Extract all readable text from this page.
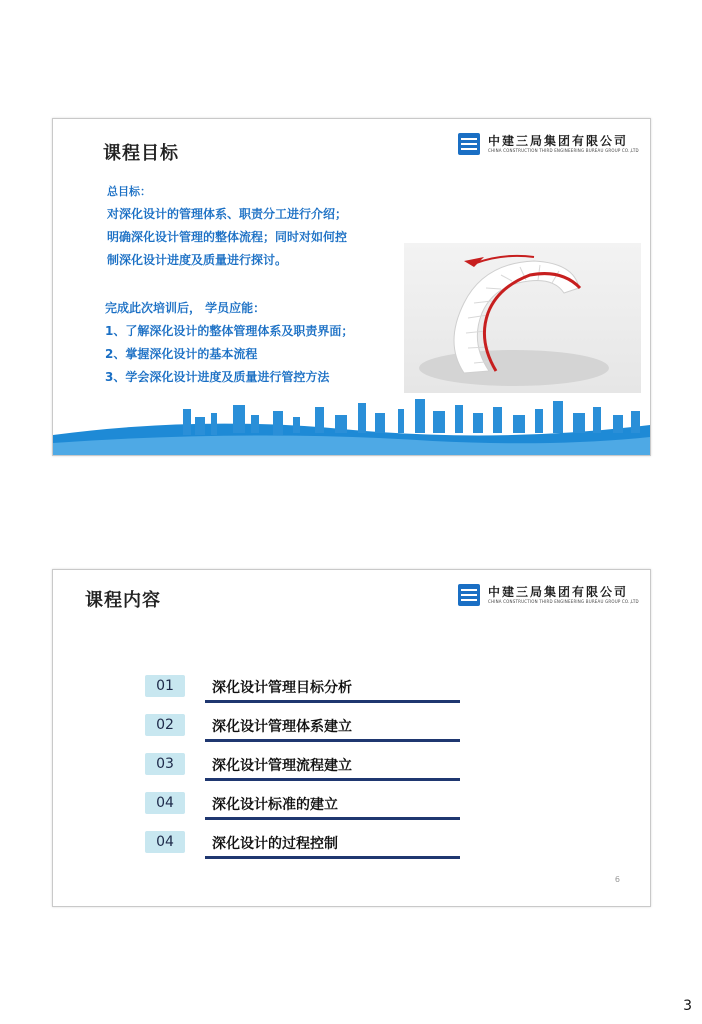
课程目标
中建三局集团有限公司
CHINA CONSTRUCTION THIRD ENGINEERING BUREAU GROUP CO.,LTD
总目标：
对深化设计的管理体系、职责分工进行介绍；
明确深化设计管理的整体流程；同时对如何控
制深化设计进度及质量进行探讨。
完成此次培训后， 学员应能：
1、了解深化设计的整体管理体系及职责界面；
2、掌握深化设计的基本流程
3、学会深化设计进度及质量进行管控方法
课程内容	中建三局集团有限公司
CHINA CONSTRUCTION THIRD ENGINEERING BUREAU GROUP CO.,LTD
01	深化设计管理目标分析
02	深化设计管理体系建立
03	深化设计管理流程建立
04	深化设计标准的建立
04	深化设计的过程控制
6
3
